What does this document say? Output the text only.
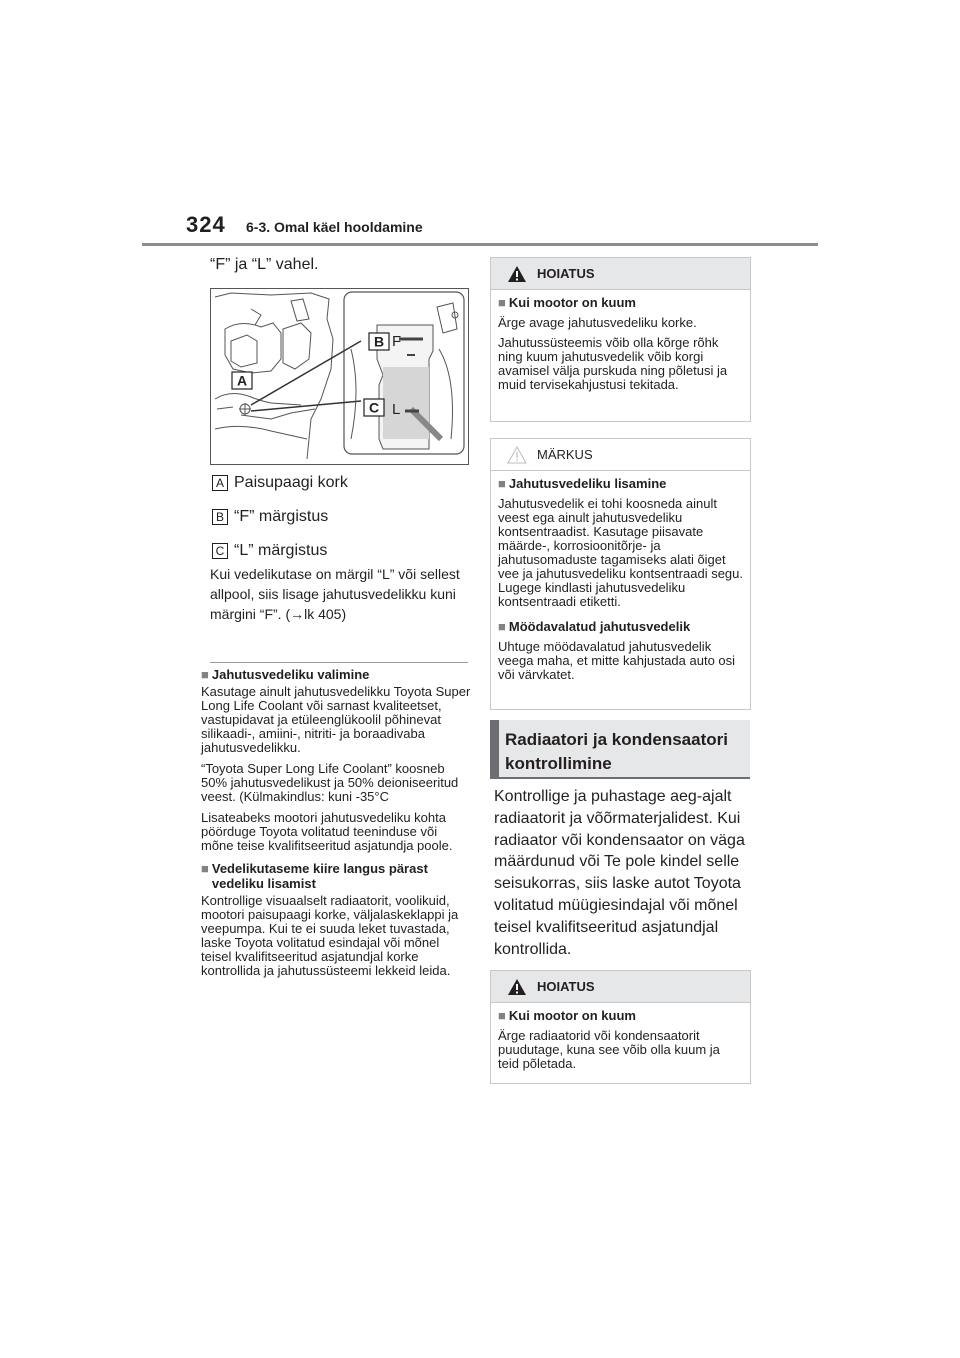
324 6-3. Omal käel hooldamine
“F” ja “L” vahel.
A
B
C
F
L
A Paisupaagi kork
B “F” märgistus
C “L” märgistus
Kui vedelikutase on märgil “L” või sellest allpool, siis lisage jahutusvedelikku kuni märgini “F”. (→lk 405)
■ Jahutusvedeliku valimine
Kasutage ainult jahutusvedelikku Toyota Super Long Life Coolant või sarnast kvaliteetset, vastupidavat ja etüleenglükoolil põhinevat silikaadi-, amiini-, nitriti- ja boraadivaba jahutusvedelikku.
“Toyota Super Long Life Coolant” koosneb 50% jahutusvedelikust ja 50% deioniseeritud veest. (Külmakindlus: kuni -35°C
Lisateabeks mootori jahutusvedeliku kohta pöörduge Toyota volitatud teeninduse või mõne teise kvalifitseeritud asjatundja poole.
■ Vedelikutaseme kiire langus pärast vedeliku lisamist
Kontrollige visuaalselt radiaatorit, voolikuid, mootori paisupaagi korke, väljalaskeklappi ja veepumpa. Kui te ei suuda leket tuvastada, laske Toyota volitatud esindajal või mõnel teisel kvalifitseeritud asjatundjal korke kontrollida ja jahutussüsteemi lekkeid leida.
HOIATUS
■ Kui mootor on kuum
Ärge avage jahutusvedeliku korke.
Jahutussüsteemis võib olla kõrge rõhk ning kuum jahutusvedelik võib korgi avamisel välja purskuda ning põletusi ja muid tervisekahjustusi tekitada.
MÄRKUS
■ Jahutusvedeliku lisamine
Jahutusvedelik ei tohi koosneda ainult veest ega ainult jahutusvedeliku kontsentraadist. Kasutage piisavate määrde-, korrosioonitõrje- ja jahutusomaduste tagamiseks alati õiget vee ja jahutusvedeliku kontsentraadi segu. Lugege kindlasti jahutusvedeliku kontsentraadi etiketti.
■ Möödavalatud jahutusvedelik
Uhtuge möödavalatud jahutusvedelik veega maha, et mitte kahjustada auto osi või värvkatet.
Radiaatori ja kondensaatori kontrollimine
Kontrollige ja puhastage aeg-ajalt radiaatorit ja võõrmaterjalidest. Kui radiaator või kondensaator on väga määrdunud või Te pole kindel selle seisukorras, siis laske autot Toyota volitatud müügiesindajal või mõnel teisel kvalifitseeritud asjatundjal kontrollida.
HOIATUS
■ Kui mootor on kuum
Ärge radiaatorid või kondensaatorit puudutage, kuna see võib olla kuum ja teid põletada.
